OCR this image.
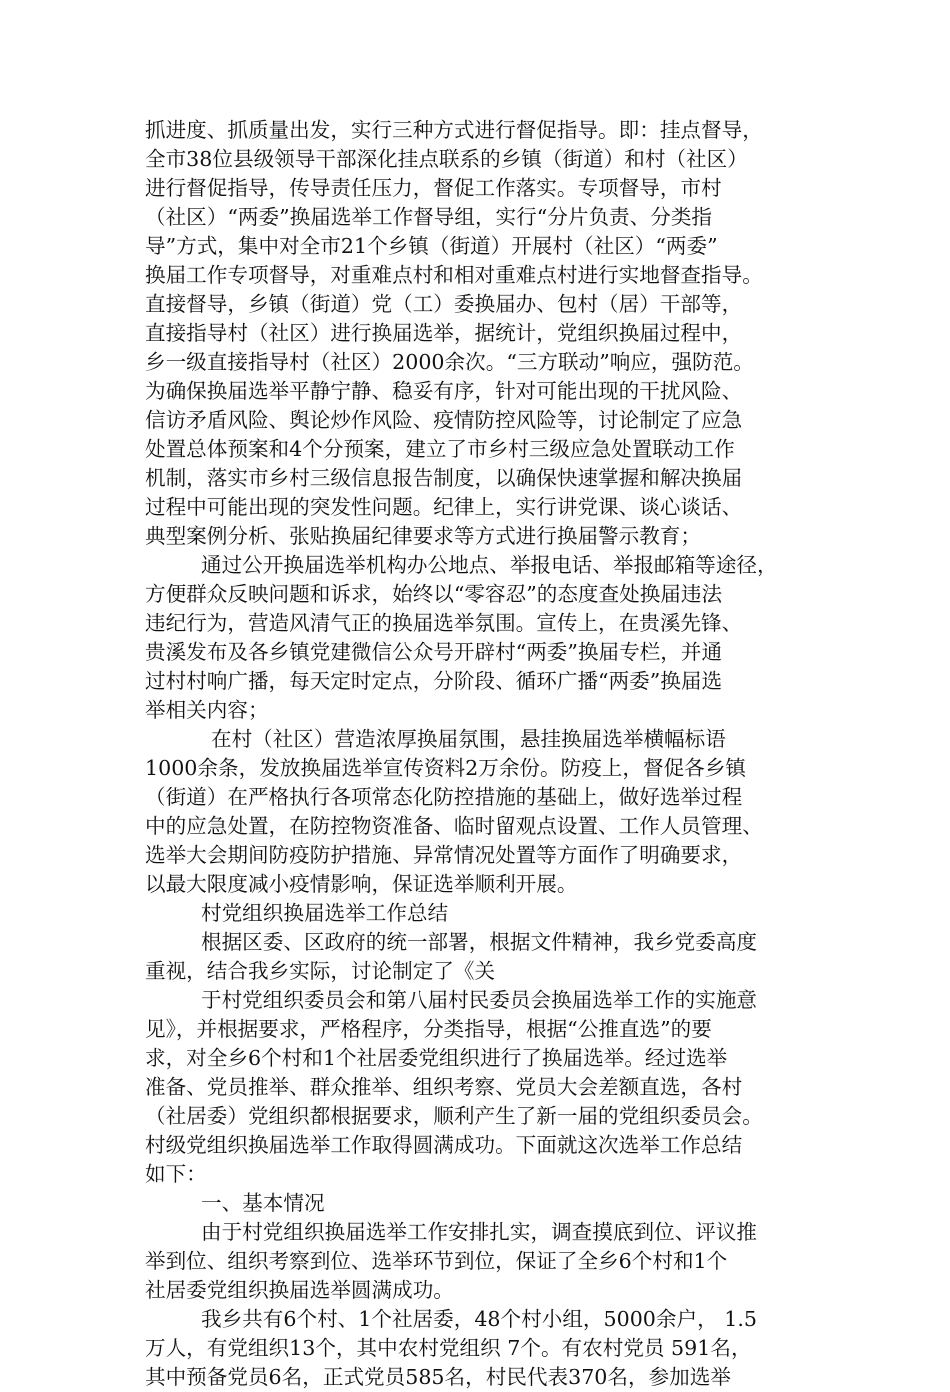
抓进度、抓质量出发，实行三种方式进行督促指导。即：挂点督导，
全市38位县级领导干部深化挂点联系的乡镇（街道）和村（社区）
进行督促指导，传导责任压力，督促工作落实。专项督导，市村
（社区）“两委”换届选举工作督导组，实行“分片负责、分类指
导”方式，集中对全市21个乡镇（街道）开展村（社区）“两委”
换届工作专项督导，对重难点村和相对重难点村进行实地督查指导。
直接督导，乡镇（街道）党（工）委换届办、包村（居）干部等，
直接指导村（社区）进行换届选举，据统计，党组织换届过程中，
乡一级直接指导村（社区）2000余次。“三方联动”响应，强防范。
为确保换届选举平静宁静、稳妥有序，针对可能出现的干扰风险、
信访矛盾风险、舆论炒作风险、疫情防控风险等，讨论制定了应急
处置总体预案和4个分预案，建立了市乡村三级应急处置联动工作
机制，落实市乡村三级信息报告制度，以确保快速掌握和解决换届
过程中可能出现的突发性问题。纪律上，实行讲党课、谈心谈话、
典型案例分析、张贴换届纪律要求等方式进行换届警示教育；
通过公开换届选举机构办公地点、举报电话、举报邮箱等途径，
方便群众反映问题和诉求，始终以“零容忍”的态度查处换届违法
违纪行为，营造风清气正的换届选举氛围。宣传上，在贵溪先锋、
贵溪发布及各乡镇党建微信公众号开辟村“两委”换届专栏，并通
过村村响广播，每天定时定点，分阶段、循环广播“两委”换届选
举相关内容；
在村（社区）营造浓厚换届氛围，悬挂换届选举横幅标语
1000余条，发放换届选举宣传资料2万余份。防疫上，督促各乡镇
（街道）在严格执行各项常态化防控措施的基础上，做好选举过程
中的应急处置，在防控物资准备、临时留观点设置、工作人员管理、
选举大会期间防疫防护措施、异常情况处置等方面作了明确要求，
以最大限度减小疫情影响，保证选举顺利开展。
村党组织换届选举工作总结
根据区委、区政府的统一部署，根据文件精神，我乡党委高度
重视，结合我乡实际，讨论制定了《关
于村党组织委员会和第八届村民委员会换届选举工作的实施意
见》，并根据要求，严格程序，分类指导，根据“公推直选”的要
求，对全乡6个村和1个社居委党组织进行了换届选举。经过选举
准备、党员推举、群众推举、组织考察、党员大会差额直选，各村
（社居委）党组织都根据要求，顺利产生了新一届的党组织委员会。
村级党组织换届选举工作取得圆满成功。下面就这次选举工作总结
如下：
一、基本情况
由于村党组织换届选举工作安排扎实，调查摸底到位、评议推
举到位、组织考察到位、选举环节到位，保证了全乡6个村和1个
社居委党组织换届选举圆满成功。
我乡共有6个村、1个社居委，48个村小组，5000余户， 1.5
万人，有党组织13个，其中农村党组织 7个。有农村党员 591名，
其中预备党员6名，正式党员585名，村民代表370名，参加选举
